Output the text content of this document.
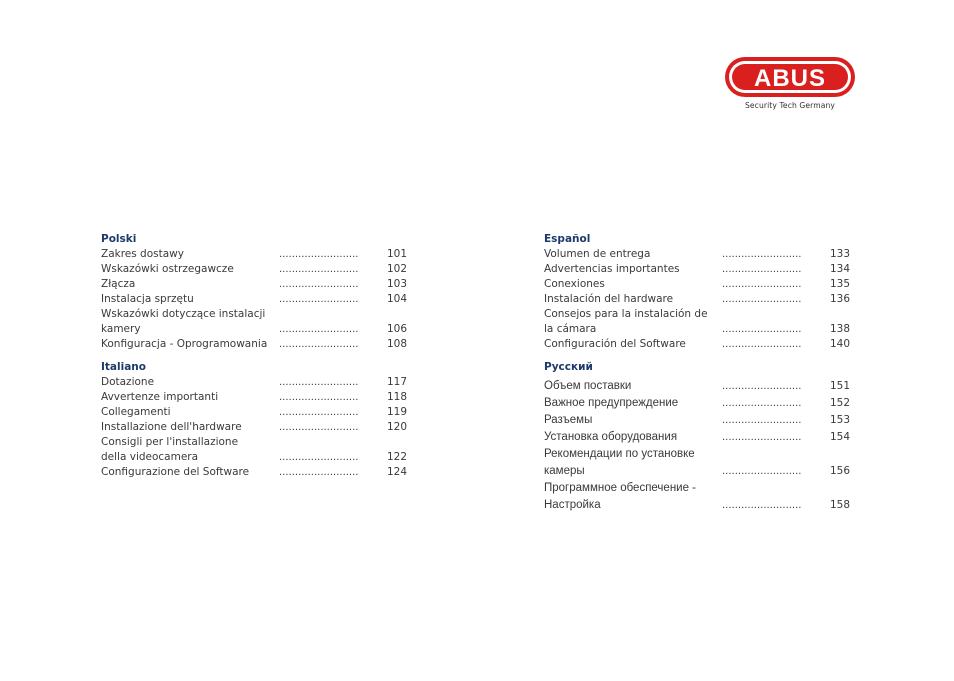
ABUS
Security Tech Germany
Polski
Zakres dostawy	.........................	101
Wskazówki ostrzegawcze	.........................	102
Złącza	.........................	103
Instalacja sprzętu	.........................	104
Wskazówki dotyczące instalacji
kamery	.........................	106
Konfiguracja - Oprogramowania	.........................	108
Italiano
Dotazione	.........................	117
Avvertenze importanti	.........................	118
Collegamenti	.........................	119
Installazione dell'hardware	.........................	120
Consigli per l'installazione
della videocamera	.........................	122
Configurazione del Software	.........................	124
Español
Volumen de entrega	.........................	133
Advertencias importantes	.........................	134
Conexiones	.........................	135
Instalación del hardware	.........................	136
Consejos para la instalación de
la cámara	.........................	138
Configuración del Software	.........................	140
Русский
Объем поставки	.........................	151
Важное предупреждение	.........................	152
Разъемы	.........................	153
Установка оборудования	.........................	154
Рекомендации по установке
камеры	.........................	156
Программное обеспечение -
Настройка	.........................	158
